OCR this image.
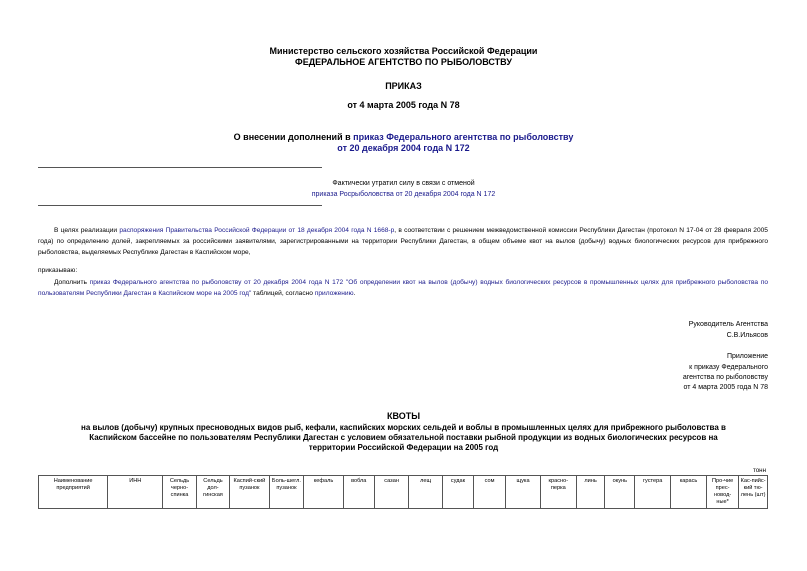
Министерство сельского хозяйства Российской Федерации
ФЕДЕРАЛЬНОЕ АГЕНТСТВО ПО РЫБОЛОВСТВУ
ПРИКАЗ
от 4 марта 2005 года N 78
О внесении дополнений в приказ Федерального агентства по рыболовству
от 20 декабря 2004 года N 172
Фактически утратил силу в связи с отменой
приказа Росрыболовства от 20 декабря 2004 года N 172
В целях реализации распоряжения Правительства Российской Федерации от 18 декабря 2004 года N 1668-р, в соответствии с решением межведомственной комиссии Республики Дагестан (протокол N 17-04 от 28 февраля 2005 года) по определению долей, закрепляемых за российскими заявителями, зарегистрированными на территории Республики Дагестан, в общем объеме квот на вылов (добычу) водных биологических ресурсов для прибрежного рыболовства, выделяемых Республике Дагестан в Каспийском море,
приказываю:
Дополнить приказ Федерального агентства по рыболовству от 20 декабря 2004 года N 172 "Об определении квот на вылов (добычу) водных биологических ресурсов в промышленных целях для прибрежного рыболовства по пользователям Республики Дагестан в Каспийском море на 2005 год" таблицей, согласно приложению.
Руководитель Агентства
С.В.Ильясов
Приложение
к приказу Федерального
агентства по рыболовству
от 4 марта 2005 года N 78
КВОТЫ
на вылов (добычу) крупных пресноводных видов рыб, кефали, каспийских морских сельдей и воблы в промышленных целях для прибрежного рыболовства в
Каспийском бассейне по пользователям Республики Дагестан с условием обязательной поставки рыбной продукции из водных биологических ресурсов на
территории Российской Федерации на 2005 год
тонн
Наименование предприятий	ИНН	Сельдь черно-спинка	Сельдь дол-гинская	Каспий-ский пузанок	Боль-шегл. пузанок	кефаль	вобла	сазан	лещ	судак	сом	щука	красно-перка	линь	окунь	густера	карась	Про-чие прес-новод-ные*	Кас-пийс-кий тю-лень (шт)
